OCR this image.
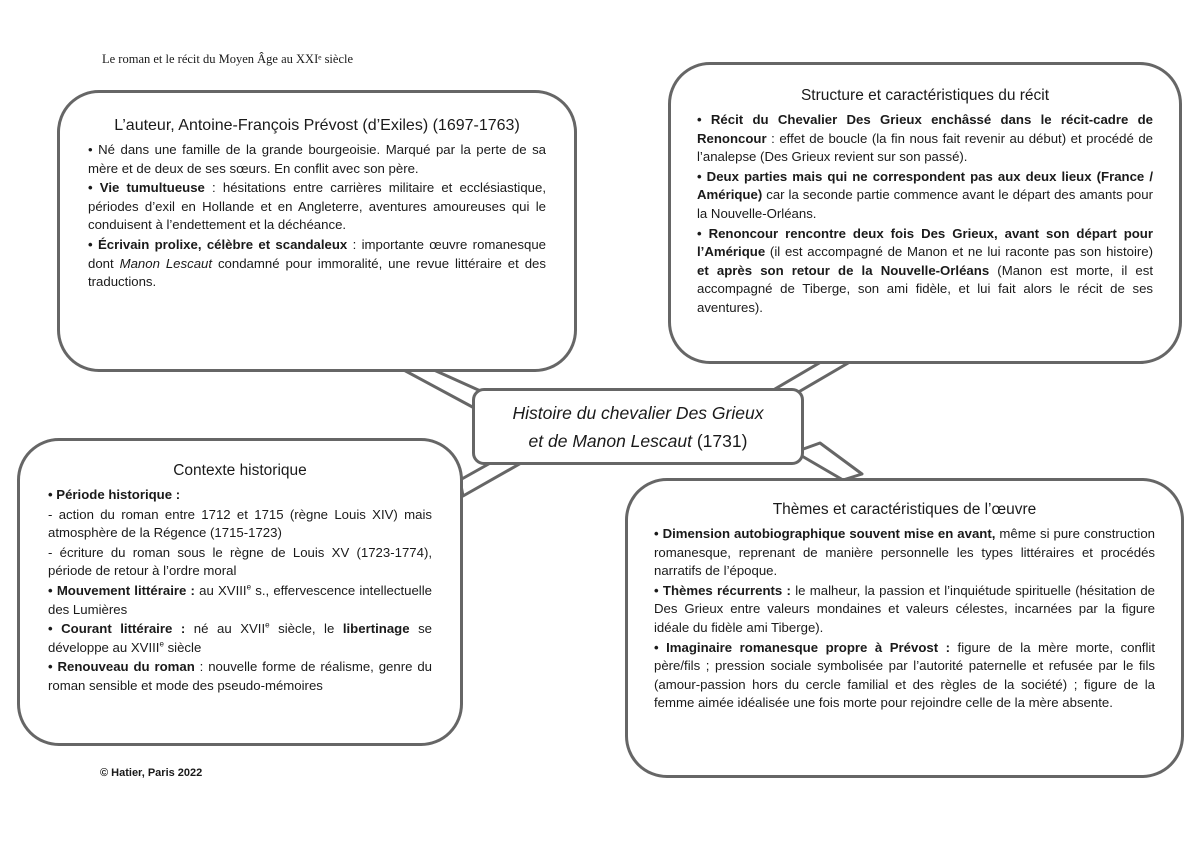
Le roman et le récit du Moyen Âge au XXIᵉ siècle
L’auteur, Antoine-François Prévost (d’Exiles) (1697-1763)

• Né dans une famille de la grande bourgeoisie. Marqué par la perte de sa mère et de deux de ses sœurs. En conflit avec son père.

• Vie tumultueuse : hésitations entre carrières militaire et ecclésiastique, périodes d’exil en Hollande et en Angleterre, aventures amoureuses qui le conduisent à l’endettement et la déchéance.

• Écrivain prolixe, célèbre et scandaleux : importante œuvre romanesque dont Manon Lescaut condamné pour immoralité, une revue littéraire et des traductions.

Structure et caractéristiques du récit

• Récit du Chevalier Des Grieux enchâssé dans le récit-cadre de Renoncour : effet de boucle (la fin nous fait revenir au début) et procédé de l’analepse (Des Grieux revient sur son passé).

• Deux parties mais qui ne correspondent pas aux deux lieux (France / Amérique) car la seconde partie commence avant le départ des amants pour la Nouvelle-Orléans.

• Renoncour rencontre deux fois Des Grieux, avant son départ pour l’Amérique (il est accompagné de Manon et ne lui raconte pas son histoire) et après son retour de la Nouvelle-Orléans (Manon est morte, il est accompagné de Tiberge, son ami fidèle, et lui fait alors le récit de ses aventures).

Histoire du chevalier Des Grieux
et de Manon Lescaut (1731)
Contexte historique

• Période historique :

- action du roman entre 1712 et 1715 (règne Louis XIV) mais atmosphère de la Régence (1715-1723)

- écriture du roman sous le règne de Louis XV (1723-1774), période de retour à l’ordre moral

• Mouvement littéraire : au XVIIIe s., effervescence intellectuelle des Lumières

• Courant littéraire : né au XVIIe siècle, le libertinage se développe au XVIIIe siècle

• Renouveau du roman : nouvelle forme de réalisme, genre du roman sensible et mode des pseudo-mémoires

Thèmes et caractéristiques de l’œuvre

• Dimension autobiographique souvent mise en avant, même si pure construction romanesque, reprenant de manière personnelle les types littéraires et procédés narratifs de l’époque.

• Thèmes récurrents : le malheur, la passion et l’inquiétude spirituelle (hésitation de Des Grieux entre valeurs mondaines et valeurs célestes, incarnées par la figure idéale du fidèle ami Tiberge).

• Imaginaire romanesque propre à Prévost : figure de la mère morte, conflit père/fils ; pression sociale symbolisée par l’autorité paternelle et refusée par le fils (amour-passion hors du cercle familial et des règles de la société) ; figure de la femme aimée idéalisée une fois morte pour rejoindre celle de la mère absente.

© Hatier, Paris 2022
